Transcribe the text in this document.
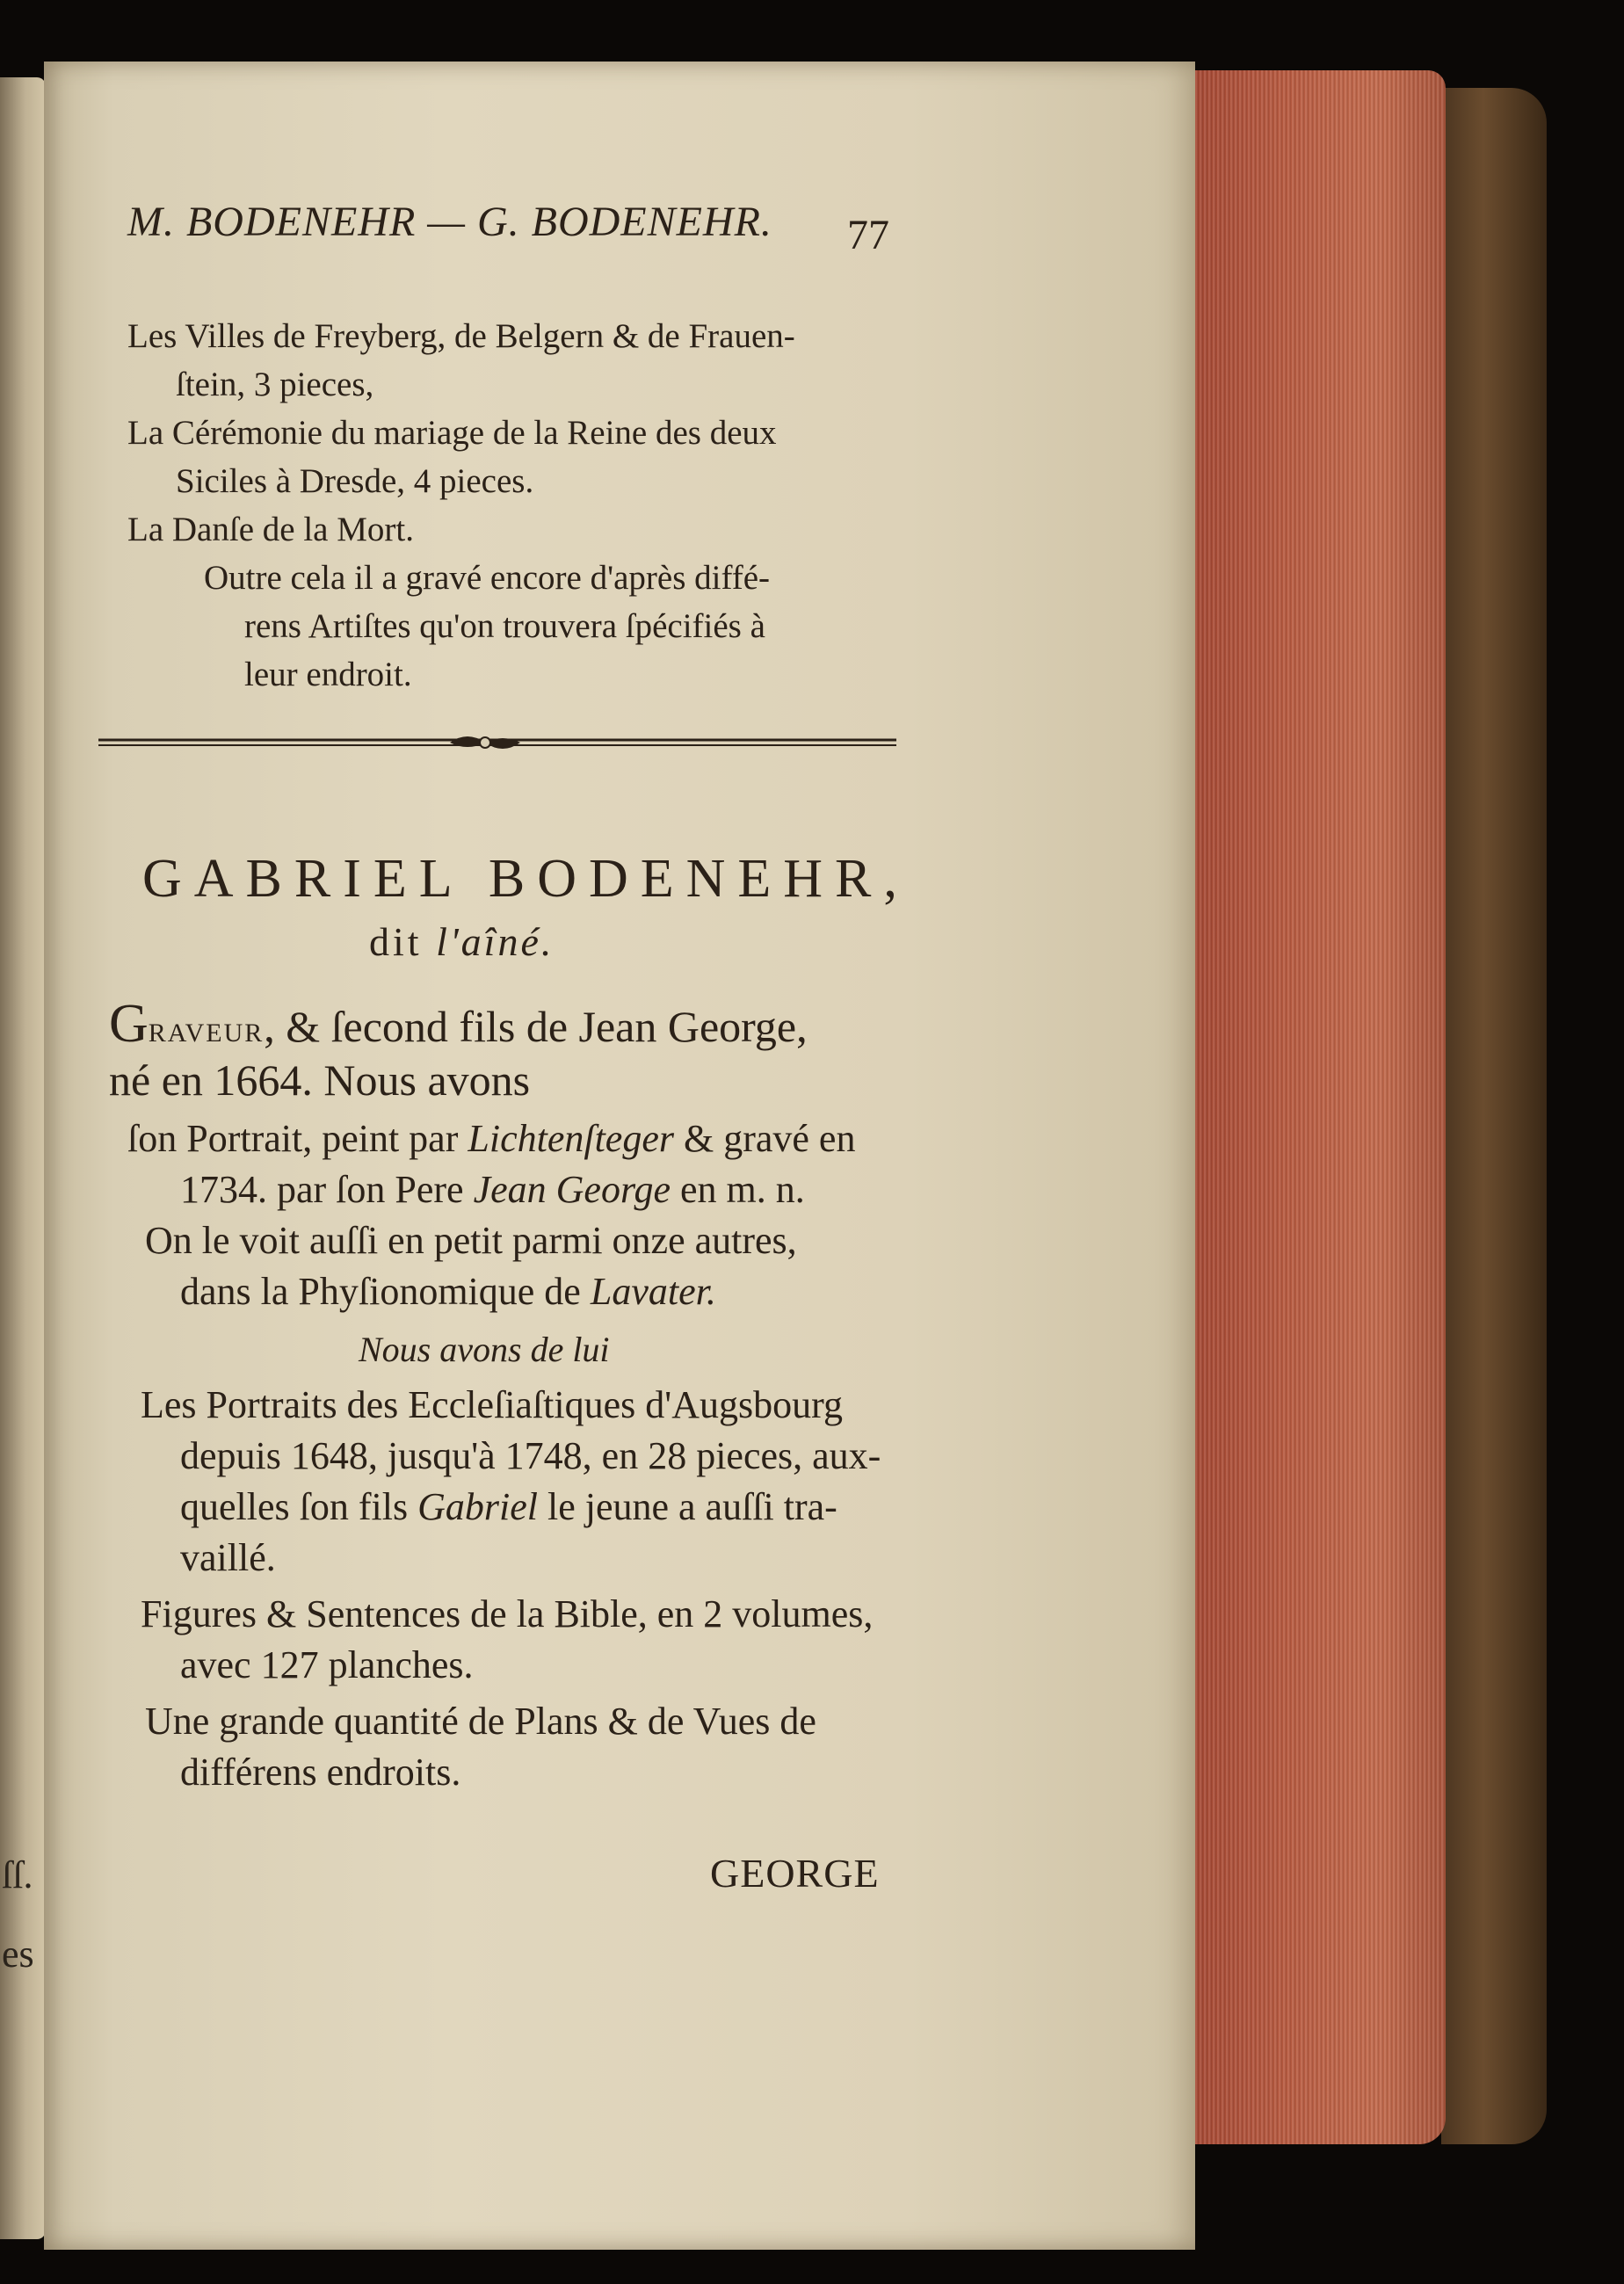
ſſ.
es
M. BODENEHR — G. BODENEHR. 77
Les Villes de Freyberg, de Belgern & de Frauen-
ſtein, 3 pieces,
La Cérémonie du mariage de la Reine des deux
Siciles à Dresde, 4 pieces.
La Danſe de la Mort.
Outre cela il a gravé encore d'après diffé-
rens Artiſtes qu'on trouvera ſpécifiés à
leur endroit.
GABRIEL BODENEHR,
dit l'aîné.
GRAVEUR, & ſecond fils de Jean George,
né en 1664. Nous avons
ſon Portrait, peint par Lichtenſteger & gravé en
1734. par ſon Pere Jean George en m. n.
On le voit auſſi en petit parmi onze autres,
dans la Phyſionomique de Lavater.
Nous avons de lui
Les Portraits des Eccleſiaſtiques d'Augsbourg
depuis 1648, jusqu'à 1748, en 28 pieces, aux-
quelles ſon fils Gabriel le jeune a auſſi tra-
vaillé.
Figures & Sentences de la Bible, en 2 volumes,
avec 127 planches.
Une grande quantité de Plans & de Vues de
différens endroits.
GEORGE
